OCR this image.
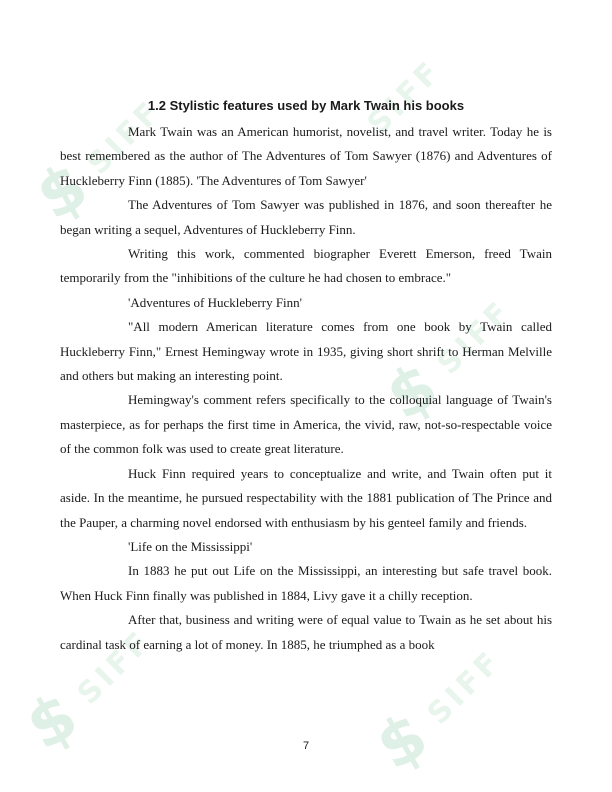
$
SIFF	SIFF
$
SIFF
$
SIFF
$
SIFF
1.2 Stylistic features used by Mark Twain his books

Mark Twain was an American humorist, novelist, and travel writer. Today he is best remembered as the author of The Adventures of Tom Sawyer (1876) and Adventures of Huckleberry Finn (1885). 'The Adventures of Tom Sawyer'

The Adventures of Tom Sawyer was published in 1876, and soon thereafter he began writing a sequel, Adventures of Huckleberry Finn.

Writing this work, commented biographer Everett Emerson, freed Twain temporarily from the "inhibitions of the culture he had chosen to embrace."

'Adventures of Huckleberry Finn'

"All modern American literature comes from one book by Twain called Huckleberry Finn," Ernest Hemingway wrote in 1935, giving short shrift to Herman Melville and others but making an interesting point.

Hemingway's comment refers specifically to the colloquial language of Twain's masterpiece, as for perhaps the first time in America, the vivid, raw, not-so-respectable voice of the common folk was used to create great literature.

Huck Finn required years to conceptualize and write, and Twain often put it aside. In the meantime, he pursued respectability with the 1881 publication of The Prince and the Pauper, a charming novel endorsed with enthusiasm by his genteel family and friends.

'Life on the Mississippi'

In 1883 he put out Life on the Mississippi, an interesting but safe travel book. When Huck Finn finally was published in 1884, Livy gave it a chilly reception.

After that, business and writing were of equal value to Twain as he set about his cardinal task of earning a lot of money. In 1885, he triumphed as a book

7
